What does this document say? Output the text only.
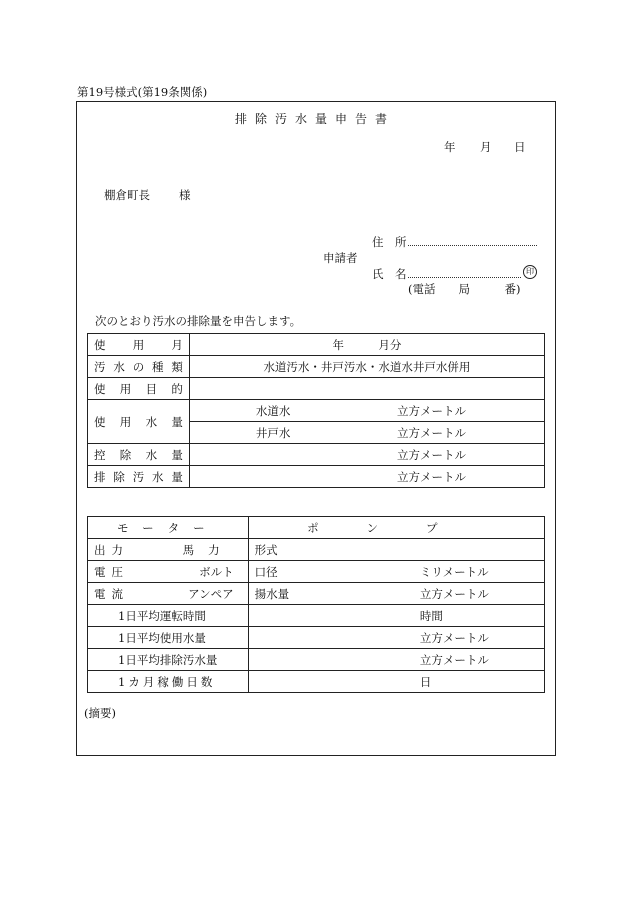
第19号様式(第19条関係)
排除汚水量申告書
年 月 日
棚倉町長	様
住　所
申請者
氏　名	印
(電話　　局　　　番)
次のとおり汚水の排除量を申告します。
使 用 月	年　　　月分	

汚 水 の 種 類	水道汚水・井戸汚水・水道水井戸水併用	

使 用 目 的		

使 用 水 量	水道水	立方メートル
	井戸水	立方メートル

控 除 水 量		立方メートル

排 除 汚 水 量		立方メートル
モーター	ポンプ	

出力 馬力	形式	

電圧 ボルト	口径	ミリメートル

電流 アンペア	揚水量	立方メートル
1日平均運転時間		時間
1日平均使用水量		立方メートル
1日平均排除汚水量		立方メートル
1カ月稼働日数		日
(摘要)
